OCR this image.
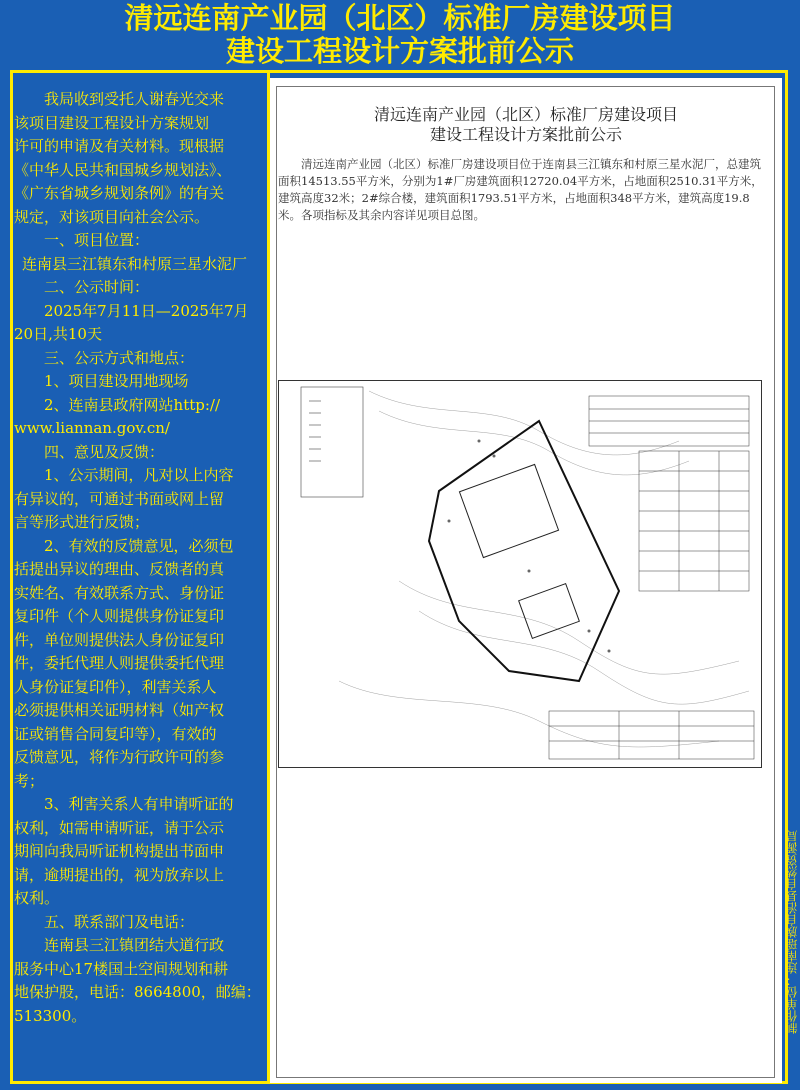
清远连南产业园（北区）标准厂房建设项目
建设工程设计方案批前公示

我局收到受托人谢春光交来

该项目建设工程设计方案规划

许可的申请及有关材料。现根据

《中华人民共和国城乡规划法》、

《广东省城乡规划条例》的有关

规定，对该项目向社会公示。

一、项目位置：

连南县三江镇东和村原三星水泥厂

二、公示时间：

2025年7月11日—2025年7月

20日,共10天

三、公示方式和地点：

1、项目建设用地现场

2、连南县政府网站http://

www.liannan.gov.cn/

四、意见及反馈：

1、公示期间，凡对以上内容

有异议的，可通过书面或网上留

言等形式进行反馈；

2、有效的反馈意见，必须包

括提出异议的理由、反馈者的真

实姓名、有效联系方式、身份证

复印件（个人则提供身份证复印

件，单位则提供法人身份证复印

件，委托代理人则提供委托代理

人身份证复印件），利害关系人

必须提供相关证明材料（如产权

证或销售合同复印等），有效的

反馈意见，将作为行政许可的参

考；

3、利害关系人有申请听证的

权利，如需申请听证，请于公示

期间向我局听证机构提出书面申

请，逾期提出的，视为放弃以上

权利。

五、联系部门及电话：

连南县三江镇团结大道行政

服务中心17楼国土空间规划和耕

地保护股，电话：8664800，邮编：

513300。

清远连南产业园（北区）标准厂房建设项目
建设工程设计方案批前公示

清远连南产业园（北区）标准厂房建设项目位于连南县三江镇东和村原三星水泥厂，总建筑面积14513.55平方米，分别为1#厂房建筑面积12720.04平方米，占地面积2510.31平方米，建筑高度32米；2#综合楼，建筑面积1793.51平方米，占地面积348平方米，建筑高度19.8米。各项指标及其余内容详见项目总图。

制作单位：连南瑶族自治县自然资源局
